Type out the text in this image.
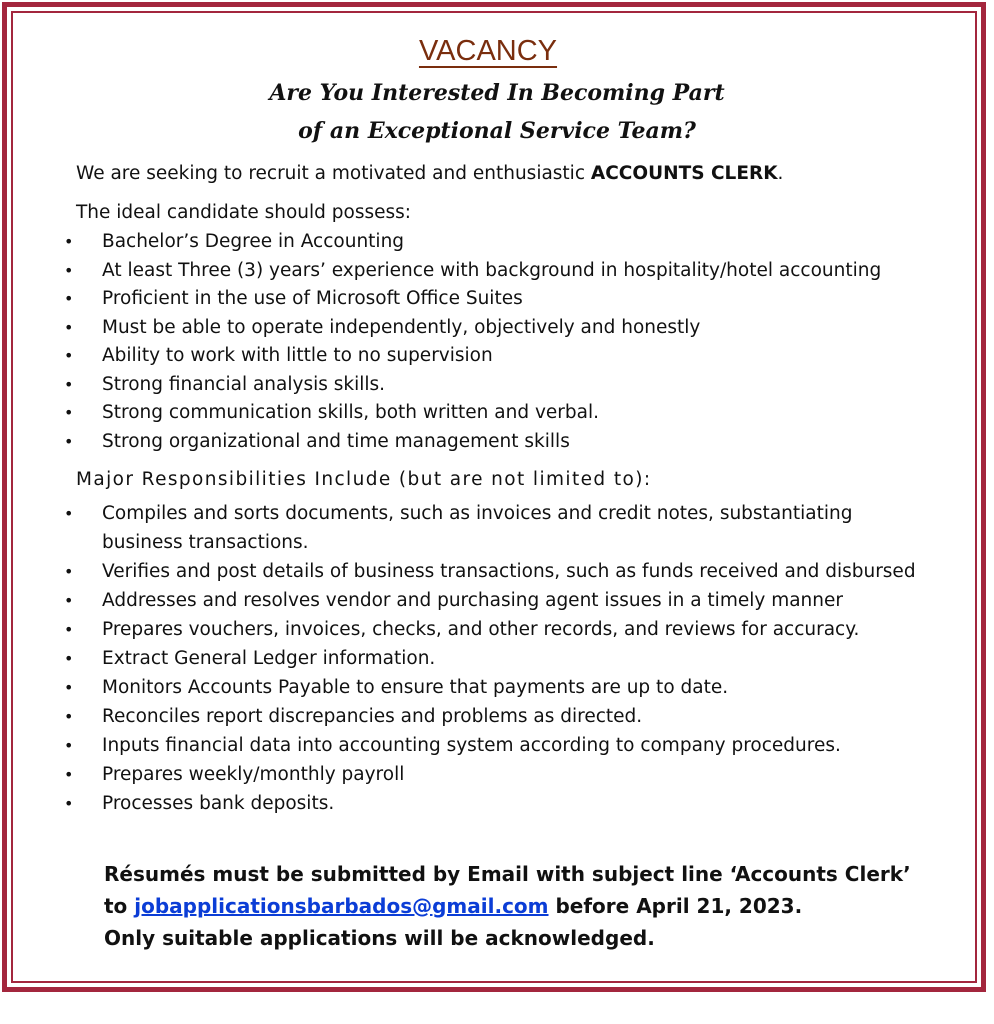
VACANCY
Are You Interested In Becoming Part
of an Exceptional Service Team?
We are seeking to recruit a motivated and enthusiastic ACCOUNTS CLERK.
The ideal candidate should possess:
• Bachelor’s Degree in Accounting
• At least Three (3) years’ experience with background in hospitality/hotel accounting
• Proficient in the use of Microsoft Office Suites
• Must be able to operate independently, objectively and honestly
• Ability to work with little to no supervision
• Strong financial analysis skills.
• Strong communication skills, both written and verbal.
• Strong organizational and time management skills
Major Responsibilities Include (but are not limited to):
• Compiles and sorts documents, such as invoices and credit notes, substantiating business transactions.
• Verifies and post details of business transactions, such as funds received and disbursed
• Addresses and resolves vendor and purchasing agent issues in a timely manner
• Prepares vouchers, invoices, checks, and other records, and reviews for accuracy.
• Extract General Ledger information.
• Monitors Accounts Payable to ensure that payments are up to date.
• Reconciles report discrepancies and problems as directed.
• Inputs financial data into accounting system according to company procedures.
• Prepares weekly/monthly payroll
• Processes bank deposits.
Résumés must be submitted by Email with subject line ‘Accounts Clerk’
to jobapplicationsbarbados@gmail.com before April 21, 2023.
Only suitable applications will be acknowledged.
